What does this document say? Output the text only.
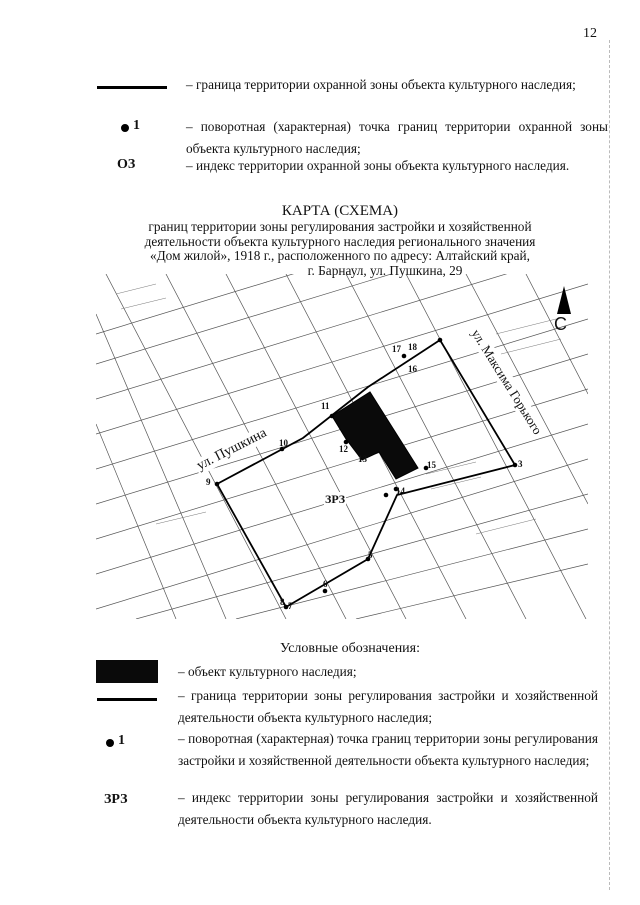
12
– граница территории охранной зоны объекта культурного наследия;
1	– поворотная (характерная) точка границ территории охранной зоны объекта культурного наследия;
ОЗ	– индекс территории охранной зоны объекта культурного наследия.
КАРТА (СХЕМА)
границ территории зоны регулирования застройки и хозяйственной
деятельности объекта культурного наследия регионального значения
«Дом жилой», 1918 г., расположенного по адресу: Алтайский край,
г. Барнаул, ул. Пушкина, 29
ул. Пушкина
ул. Максима Горького
С
ЗРЗ
3
5
6
7
8
9
10
11
12
13
14
15
16
17 18
Условные обозначения:
– объект культурного наследия;
– граница территории зоны регулирования застройки и хозяйственной деятельности объекта культурного наследия;
1	– поворотная (характерная) точка границ территории зоны регулирования застройки и хозяйственной деятельности объекта культурного наследия;
ЗРЗ	– индекс территории зоны регулирования застройки и хозяйственной деятельности объекта культурного наследия.
